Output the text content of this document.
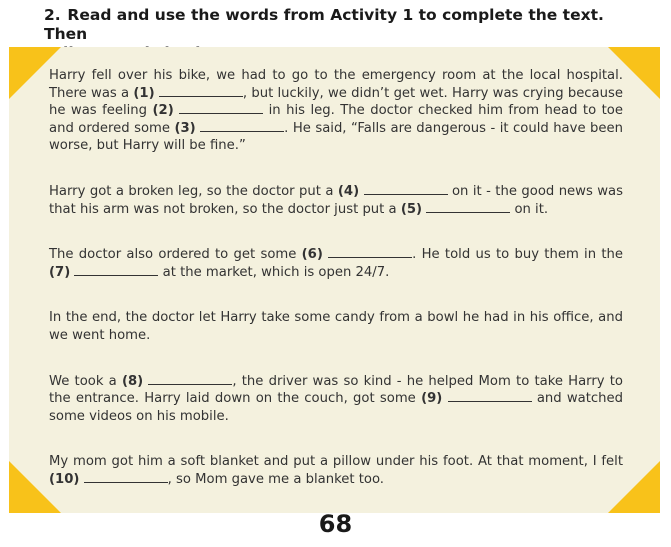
2. Read and use the words from Activity 1 to complete the text. Then

Harry fell over his bike, we had to go to the emergency room at the local hospital. There was a (1)	, but luckily, we didn’t get wet. Harry was crying because he was feeling (2)	in his leg. The doctor checked him from head to toe and ordered some (3)	. He said, “Falls are dangerous - it could have been worse, but Harry will be fine.”

Harry got a broken leg, so the doctor put a (4)	on it - the good news was that his arm was not broken, so the doctor just put a (5)	on it.

The doctor also ordered to get some (6)	. He told us to buy them in the (7)	at the market, which is open 24/7.

In the end, the doctor let Harry take some candy from a bowl he had in his office, and we went home.

We took a (8)	, the driver was so kind - he helped Mom to take Harry to the entrance. Harry laid down on the couch, got some (9)	and watched some videos on his mobile.

My mom got him a soft blanket and put a pillow under his foot. At that moment, I felt (10)	, so Mom gave me a blanket too.

68
